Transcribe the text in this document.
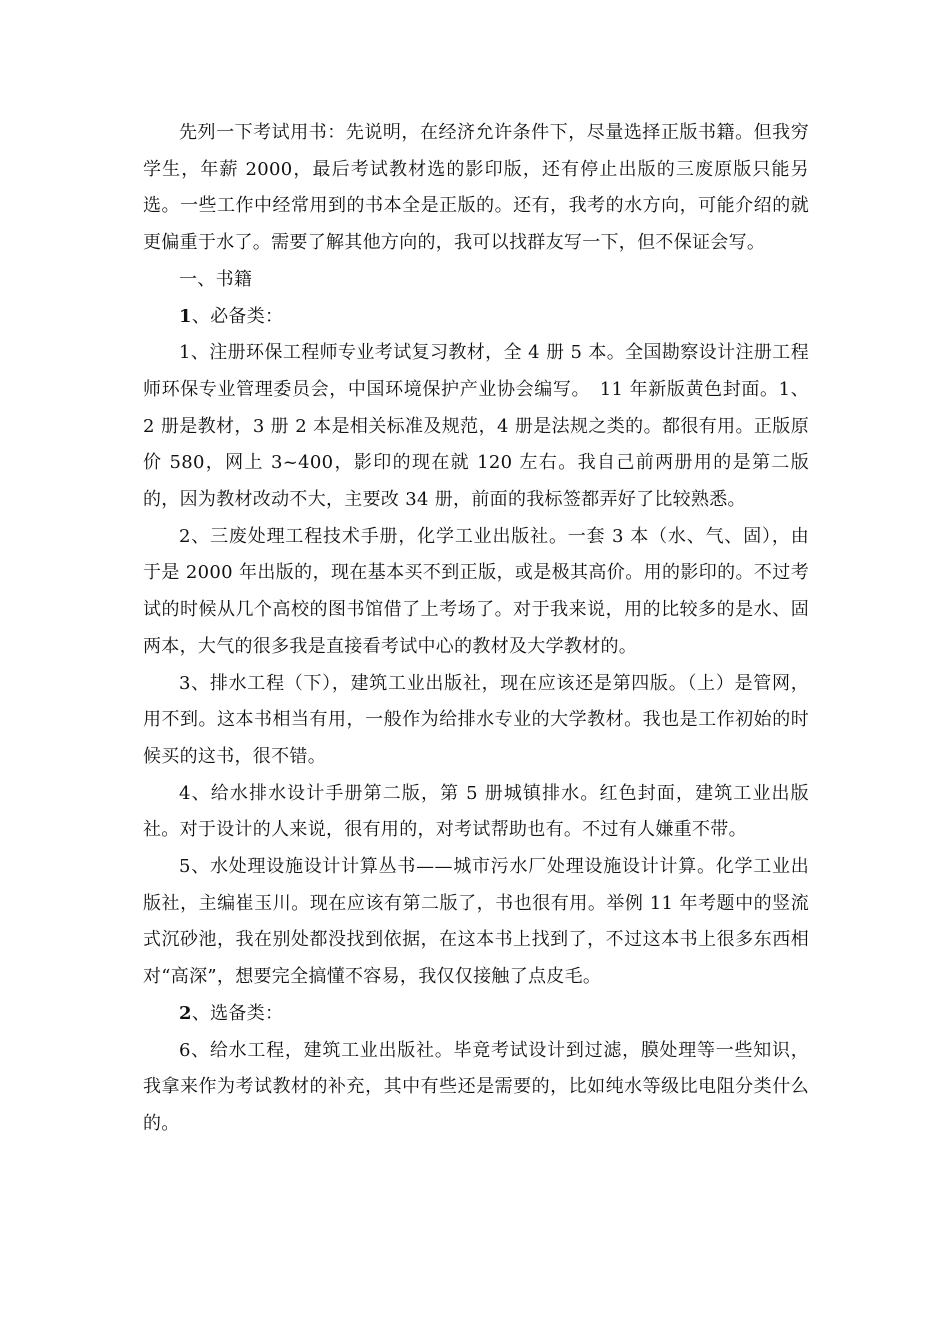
先列一下考试用书：先说明，在经济允许条件下，尽量选择正版书籍。但我穷学生，年薪 2000，最后考试教材选的影印版，还有停止出版的三废原版只能另选。一些工作中经常用到的书本全是正版的。还有，我考的水方向，可能介绍的就更偏重于水了。需要了解其他方向的，我可以找群友写一下，但不保证会写。

一、书籍

1、必备类：

1、注册环保工程师专业考试复习教材，全 4 册 5 本。全国勘察设计注册工程师环保专业管理委员会，中国环境保护产业协会编写。　11 年新版黄色封面。1、2 册是教材，3 册 2 本是相关标准及规范，4 册是法规之类的。都很有用。正版原价 580，网上 3~400，影印的现在就 120 左右。我自己前两册用的是第二版的，因为教材改动不大，主要改 34 册，前面的我标签都弄好了比较熟悉。

2、三废处理工程技术手册，化学工业出版社。一套 3 本（水、气、固），由于是 2000 年出版的，现在基本买不到正版，或是极其高价。用的影印的。不过考试的时候从几个高校的图书馆借了上考场了。对于我来说，用的比较多的是水、固两本，大气的很多我是直接看考试中心的教材及大学教材的。

3、排水工程（下），建筑工业出版社，现在应该还是第四版。（上）是管网，用不到。这本书相当有用，一般作为给排水专业的大学教材。我也是工作初始的时候买的这书，很不错。

4、给水排水设计手册第二版，第 5 册城镇排水。红色封面，建筑工业出版社。对于设计的人来说，很有用的，对考试帮助也有。不过有人嫌重不带。

5、水处理设施设计计算丛书——城市污水厂处理设施设计计算。化学工业出版社，主编崔玉川。现在应该有第二版了，书也很有用。举例 11 年考题中的竖流式沉砂池，我在别处都没找到依据，在这本书上找到了，不过这本书上很多东西相对“高深”，想要完全搞懂不容易，我仅仅接触了点皮毛。

2、选备类：

6、给水工程，建筑工业出版社。毕竟考试设计到过滤，膜处理等一些知识，我拿来作为考试教材的补充，其中有些还是需要的，比如纯水等级比电阻分类什么的。
